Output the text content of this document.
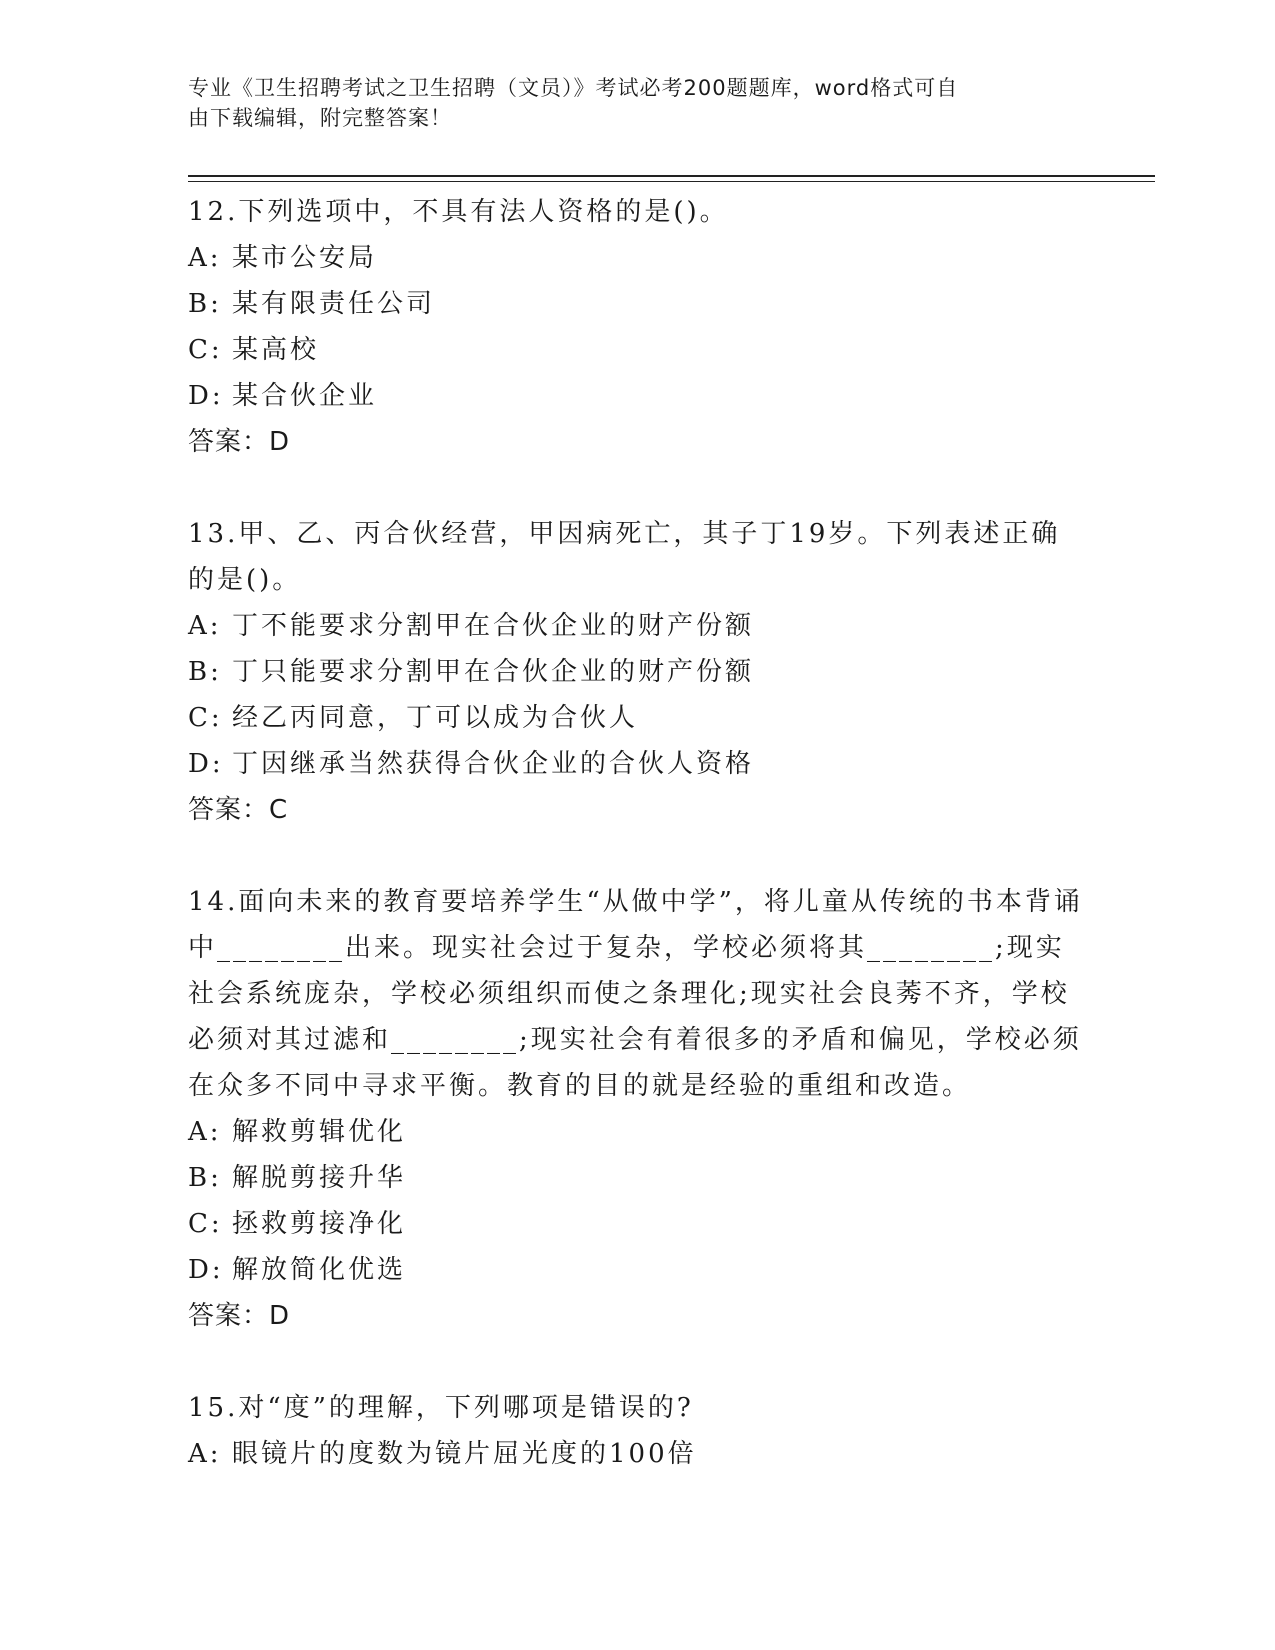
专业《卫生招聘考试之卫生招聘（文员）》考试必考200题题库，word格式可自
由下载编辑，附完整答案！

12.下列选项中，不具有法人资格的是()。

A: 某市公安局

B: 某有限责任公司

C: 某高校

D: 某合伙企业

答案：D

13.甲、乙、丙合伙经营，甲因病死亡，其子丁19岁。下列表述正确的是()。

A: 丁不能要求分割甲在合伙企业的财产份额

B: 丁只能要求分割甲在合伙企业的财产份额

C: 经乙丙同意，丁可以成为合伙人

D: 丁因继承当然获得合伙企业的合伙人资格

答案：C

14.面向未来的教育要培养学生“从做中学”，将儿童从传统的书本背诵中________出来。现实社会过于复杂，学校必须将其________;现实社会系统庞杂，学校必须组织而使之条理化;现实社会良莠不齐，学校必须对其过滤和________;现实社会有着很多的矛盾和偏见，学校必须在众多不同中寻求平衡。教育的目的就是经验的重组和改造。

A: 解救剪辑优化

B: 解脱剪接升华

C: 拯救剪接净化

D: 解放简化优选

答案：D

15.对“度”的理解，下列哪项是错误的?

A: 眼镜片的度数为镜片屈光度的100倍
